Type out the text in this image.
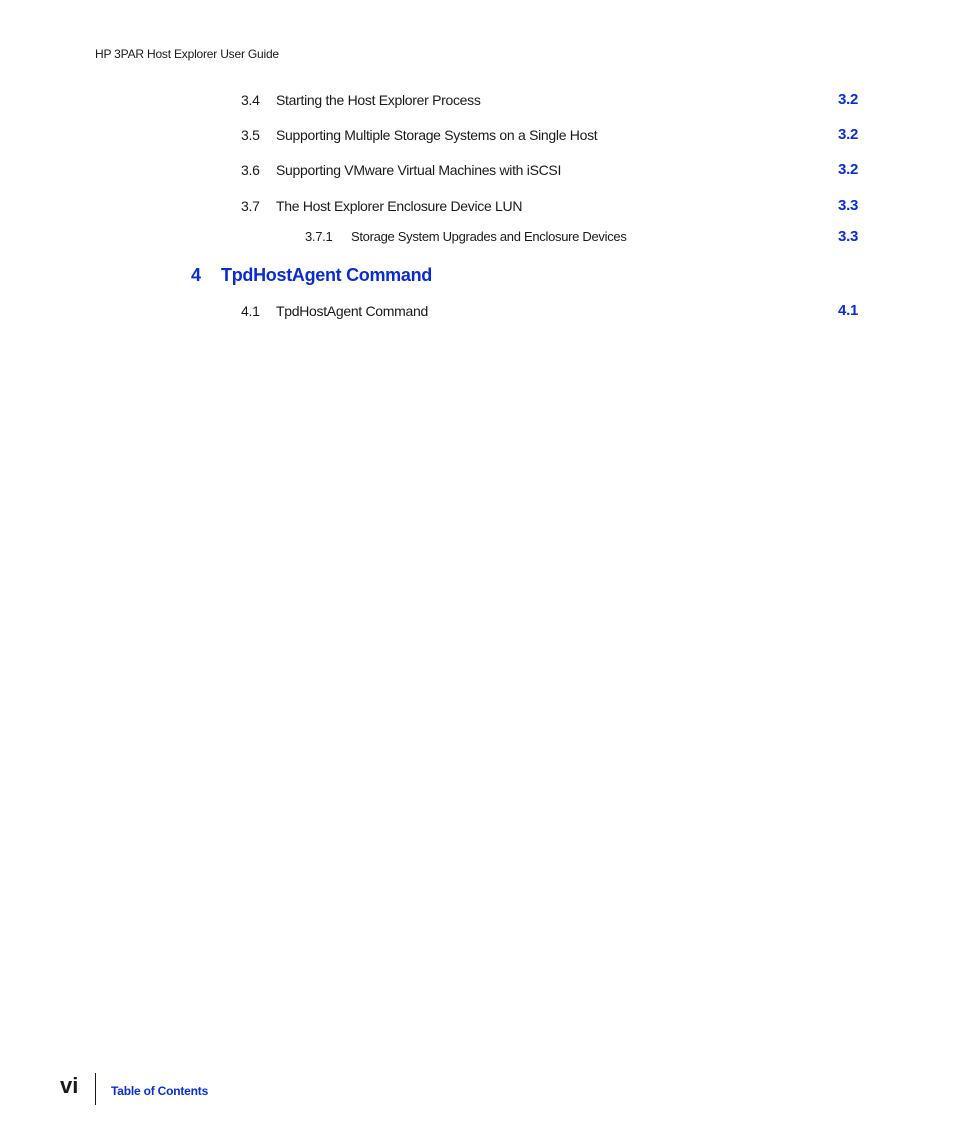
HP 3PAR Host Explorer User Guide
3.4 Starting the Host Explorer Process	3.2
3.5 Supporting Multiple Storage Systems on a Single Host	3.2
3.6 Supporting VMware Virtual Machines with iSCSI	3.2
3.7 The Host Explorer Enclosure Device LUN	3.3
3.7.1 Storage System Upgrades and Enclosure Devices	3.3
4 TpdHostAgent Command
4.1 TpdHostAgent Command	4.1
vi	Table of Contents
